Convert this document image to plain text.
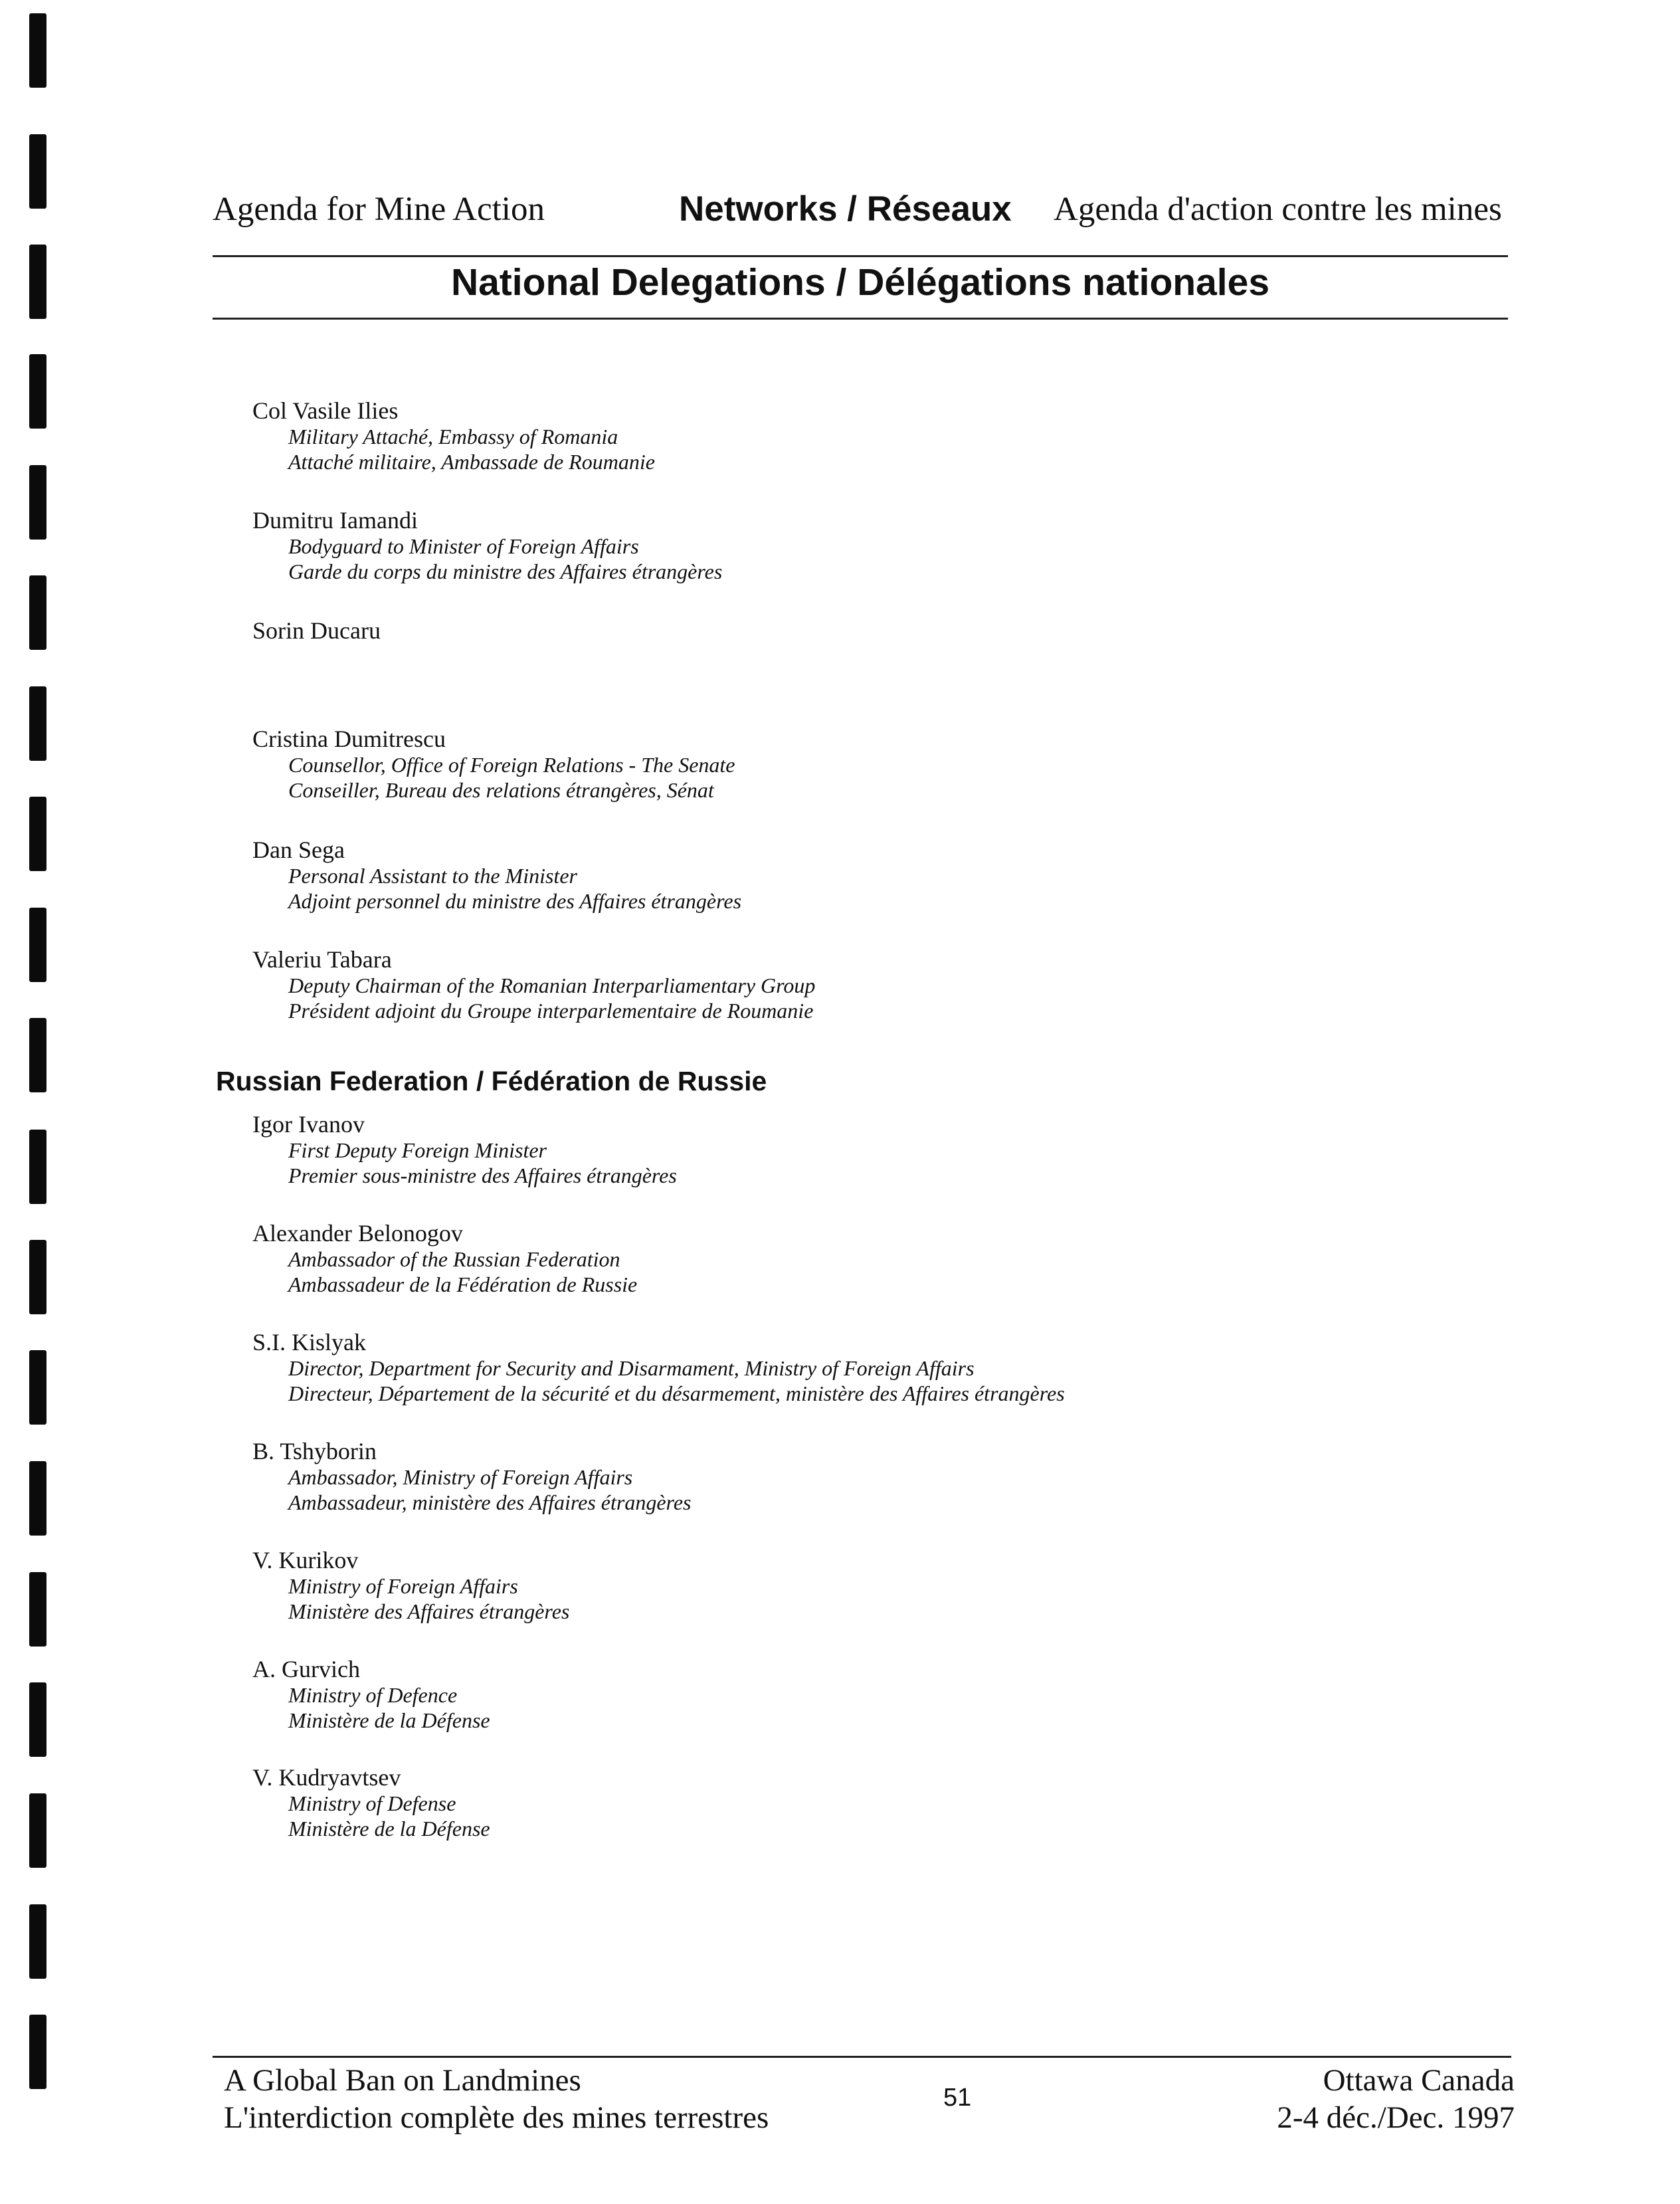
Agenda for Mine Action	Networks / Réseaux Agenda d'action contre les mines
National Delegations / Délégations nationales
Col Vasile Ilies
Military Attaché, Embassy of Romania
Attaché militaire, Ambassade de Roumanie
Dumitru Iamandi
Bodyguard to Minister of Foreign Affairs
Garde du corps du ministre des Affaires étrangères
Sorin Ducaru
Cristina Dumitrescu
Counsellor, Office of Foreign Relations - The Senate
Conseiller, Bureau des relations étrangères, Sénat
Dan Sega
Personal Assistant to the Minister
Adjoint personnel du ministre des Affaires étrangères
Valeriu Tabara
Deputy Chairman of the Romanian Interparliamentary Group
Président adjoint du Groupe interparlementaire de Roumanie
Russian Federation / Fédération de Russie
Igor Ivanov
First Deputy Foreign Minister
Premier sous-ministre des Affaires étrangères
Alexander Belonogov
Ambassador of the Russian Federation
Ambassadeur de la Fédération de Russie
S.I. Kislyak
Director, Department for Security and Disarmament, Ministry of Foreign Affairs
Directeur, Département de la sécurité et du désarmement, ministère des Affaires étrangères
B. Tshyborin
Ambassador, Ministry of Foreign Affairs
Ambassadeur, ministère des Affaires étrangères
V. Kurikov
Ministry of Foreign Affairs
Ministère des Affaires étrangères
A. Gurvich
Ministry of Defence
Ministère de la Défense
V. Kudryavtsev
Ministry of Defense
Ministère de la Défense
A Global Ban on Landmines
L'interdiction complète des mines terrestres
51	Ottawa Canada
2-4 déc./Dec. 1997
